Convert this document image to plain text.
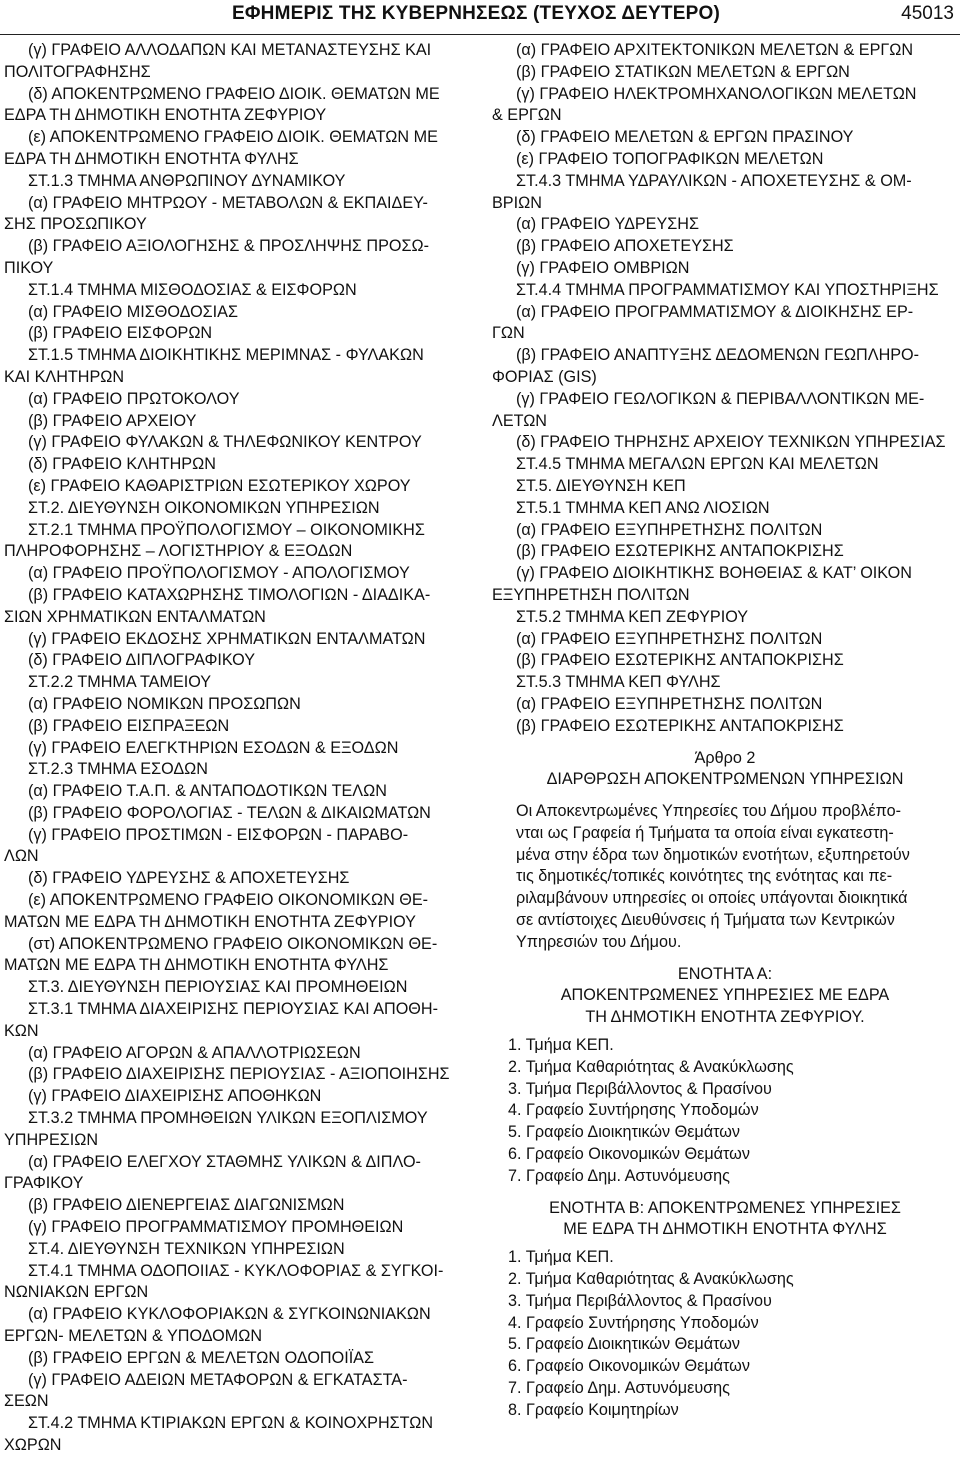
ΕΦΗΜΕΡΙΣ ΤΗΣ ΚΥΒΕΡΝΗΣΕΩΣ (ΤΕΥΧΟΣ ΔΕΥΤΕΡΟ)	45013
(γ) ΓΡΑΦΕΙΟ ΑΛΛΟΔΑΠΩΝ ΚΑΙ ΜΕΤΑΝΑΣΤΕΥΣΗΣ ΚΑΙ
ΠΟΛΙΤΟΓΡΑΦΗΣΗΣ
(δ) ΑΠΟΚΕΝΤΡΩΜΕΝΟ ΓΡΑΦΕΙΟ ΔΙΟΙΚ. ΘΕΜΑΤΩΝ ΜΕ
ΕΔΡΑ ΤΗ ΔΗΜΟΤΙΚΗ ΕΝΟΤΗΤΑ ΖΕΦΥΡΙΟΥ
(ε) ΑΠΟΚΕΝΤΡΩΜΕΝΟ ΓΡΑΦΕΙΟ ΔΙΟΙΚ. ΘΕΜΑΤΩΝ ΜΕ
ΕΔΡΑ ΤΗ ΔΗΜΟΤΙΚΗ ΕΝΟΤΗΤΑ ΦΥΛΗΣ
ΣΤ.1.3 ΤΜΗΜΑ ΑΝΘΡΩΠΙΝΟΥ ΔΥΝΑΜΙΚΟΥ
(α) ΓΡΑΦΕΙΟ ΜΗΤΡΩΟΥ - ΜΕΤΑΒΟΛΩΝ & ΕΚΠΑΙΔΕΥ-
ΣΗΣ ΠΡΟΣΩΠΙΚΟΥ
(β) ΓΡΑΦΕΙΟ ΑΞΙΟΛΟΓΗΣΗΣ & ΠΡΟΣΛΗΨΗΣ ΠΡΟΣΩ-
ΠΙΚΟΥ
ΣΤ.1.4 ΤΜΗΜΑ ΜΙΣΘΟΔΟΣΙΑΣ & ΕΙΣΦΟΡΩΝ
(α) ΓΡΑΦΕΙΟ ΜΙΣΘΟΔΟΣΙΑΣ
(β) ΓΡΑΦΕΙΟ ΕΙΣΦΟΡΩΝ
ΣΤ.1.5 ΤΜΗΜΑ ΔΙΟΙΚΗΤΙΚΗΣ ΜΕΡΙΜΝΑΣ - ΦΥΛΑΚΩΝ
ΚΑΙ ΚΛΗΤΗΡΩΝ
(α) ΓΡΑΦΕΙΟ ΠΡΩΤΟΚΟΛΟΥ
(β) ΓΡΑΦΕΙΟ ΑΡΧΕΙΟΥ
(γ) ΓΡΑΦΕΙΟ ΦΥΛΑΚΩΝ & ΤΗΛΕΦΩΝΙΚΟΥ ΚΕΝΤΡΟΥ
(δ) ΓΡΑΦΕΙΟ ΚΛΗΤΗΡΩΝ
(ε) ΓΡΑΦΕΙΟ ΚΑΘΑΡΙΣΤΡΙΩΝ ΕΣΩΤΕΡΙΚΟΥ ΧΩΡΟΥ
ΣΤ.2. ΔΙΕΥΘΥΝΣΗ ΟΙΚΟΝΟΜΙΚΩΝ ΥΠΗΡΕΣΙΩΝ
ΣΤ.2.1 ΤΜΗΜΑ ΠΡΟΫΠΟΛΟΓΙΣΜΟΥ – ΟΙΚΟΝΟΜΙΚΗΣ
ΠΛΗΡΟΦΟΡΗΣΗΣ – ΛΟΓΙΣΤΗΡΙΟΥ & ΕΞΟΔΩΝ
(α) ΓΡΑΦΕΙΟ ΠΡΟΫΠΟΛΟΓΙΣΜΟΥ - ΑΠΟΛΟΓΙΣΜΟΥ
(β) ΓΡΑΦΕΙΟ ΚΑΤΑΧΩΡΗΣΗΣ ΤΙΜΟΛΟΓΙΩΝ - ΔΙΑΔΙΚΑ-
ΣΙΩΝ ΧΡΗΜΑΤΙΚΩΝ ΕΝΤΑΛΜΑΤΩΝ
(γ) ΓΡΑΦΕΙΟ ΕΚΔΟΣΗΣ ΧΡΗΜΑΤΙΚΩΝ ΕΝΤΑΛΜΑΤΩΝ
(δ) ΓΡΑΦΕΙΟ ΔΙΠΛΟΓΡΑΦΙΚΟΥ
ΣΤ.2.2 ΤΜΗΜΑ ΤΑΜΕΙΟΥ
(α) ΓΡΑΦΕΙΟ ΝΟΜΙΚΩΝ ΠΡΟΣΩΠΩΝ
(β) ΓΡΑΦΕΙΟ ΕΙΣΠΡΑΞΕΩΝ
(γ) ΓΡΑΦΕΙΟ ΕΛΕΓΚΤΗΡΙΩΝ ΕΣΟΔΩΝ & ΕΞΟΔΩΝ
ΣΤ.2.3 ΤΜΗΜΑ ΕΣΟΔΩΝ
(α) ΓΡΑΦΕΙΟ Τ.Α.Π. & ΑΝΤΑΠΟΔΟΤΙΚΩΝ ΤΕΛΩΝ
(β) ΓΡΑΦΕΙΟ ΦΟΡΟΛΟΓΙΑΣ - ΤΕΛΩΝ & ΔΙΚΑΙΩΜΑΤΩΝ
(γ) ΓΡΑΦΕΙΟ ΠΡΟΣΤΙΜΩΝ - ΕΙΣΦΟΡΩΝ - ΠΑΡΑΒΟ-
ΛΩΝ
(δ) ΓΡΑΦΕΙΟ ΥΔΡΕΥΣΗΣ & ΑΠΟΧΕΤΕΥΣΗΣ
(ε) ΑΠΟΚΕΝΤΡΩΜΕΝΟ ΓΡΑΦΕΙΟ ΟΙΚΟΝΟΜΙΚΩΝ ΘΕ-
ΜΑΤΩΝ ΜΕ ΕΔΡΑ ΤΗ ΔΗΜΟΤΙΚΗ ΕΝΟΤΗΤΑ ΖΕΦΥΡΙΟΥ
(στ) ΑΠΟΚΕΝΤΡΩΜΕΝΟ ΓΡΑΦΕΙΟ ΟΙΚΟΝΟΜΙΚΩΝ ΘΕ-
ΜΑΤΩΝ ΜΕ ΕΔΡΑ ΤΗ ΔΗΜΟΤΙΚΗ ΕΝΟΤΗΤΑ ΦΥΛΗΣ
ΣΤ.3. ΔΙΕΥΘΥΝΣΗ ΠΕΡΙΟΥΣΙΑΣ ΚΑΙ ΠΡΟΜΗΘΕΙΩΝ
ΣΤ.3.1 ΤΜΗΜΑ ΔΙΑΧΕΙΡΙΣΗΣ ΠΕΡΙΟΥΣΙΑΣ ΚΑΙ ΑΠΟΘΗ-
ΚΩΝ
(α) ΓΡΑΦΕΙΟ ΑΓΟΡΩΝ & ΑΠΑΛΛΟΤΡΙΩΣΕΩΝ
(β) ΓΡΑΦΕΙΟ ΔΙΑΧΕΙΡΙΣΗΣ ΠΕΡΙΟΥΣΙΑΣ - ΑΞΙΟΠΟΙΗΣΗΣ
(γ) ΓΡΑΦΕΙΟ ΔΙΑΧΕΙΡΙΣΗΣ ΑΠΟΘΗΚΩΝ
ΣΤ.3.2 ΤΜΗΜΑ ΠΡΟΜΗΘΕΙΩΝ ΥΛΙΚΩΝ ΕΞΟΠΛΙΣΜΟΥ
ΥΠΗΡΕΣΙΩΝ
(α) ΓΡΑΦΕΙΟ ΕΛΕΓΧΟΥ ΣΤΑΘΜΗΣ ΥΛΙΚΩΝ & ΔΙΠΛΟ-
ΓΡΑΦΙΚΟΥ
(β) ΓΡΑΦΕΙΟ ΔΙΕΝΕΡΓΕΙΑΣ ΔΙΑΓΩΝΙΣΜΩΝ
(γ) ΓΡΑΦΕΙΟ ΠΡΟΓΡΑΜΜΑΤΙΣΜΟΥ ΠΡΟΜΗΘΕΙΩΝ
ΣΤ.4. ΔΙΕΥΘΥΝΣΗ ΤΕΧΝΙΚΩΝ ΥΠΗΡΕΣΙΩΝ
ΣΤ.4.1 ΤΜΗΜΑ ΟΔΟΠΟΙΙΑΣ - ΚΥΚΛΟΦΟΡΙΑΣ & ΣΥΓΚΟΙ-
ΝΩΝΙΑΚΩΝ ΕΡΓΩΝ
(α) ΓΡΑΦΕΙΟ ΚΥΚΛΟΦΟΡΙΑΚΩΝ & ΣΥΓΚΟΙΝΩΝΙΑΚΩΝ
ΕΡΓΩΝ- ΜΕΛΕΤΩΝ & ΥΠΟΔΟΜΩΝ
(β) ΓΡΑΦΕΙΟ ΕΡΓΩΝ & ΜΕΛΕΤΩΝ ΟΔΟΠΟΙΪΑΣ
(γ) ΓΡΑΦΕΙΟ ΑΔΕΙΩΝ ΜΕΤΑΦΟΡΩΝ & ΕΓΚΑΤΑΣΤΑ-
ΣΕΩΝ
ΣΤ.4.2 ΤΜΗΜΑ ΚΤΙΡΙΑΚΩΝ ΕΡΓΩΝ & ΚΟΙΝΟΧΡΗΣΤΩΝ
ΧΩΡΩΝ
(α) ΓΡΑΦΕΙΟ ΑΡΧΙΤΕΚΤΟΝΙΚΩΝ ΜΕΛΕΤΩΝ & ΕΡΓΩΝ
(β) ΓΡΑΦΕΙΟ ΣΤΑΤΙΚΩΝ ΜΕΛΕΤΩΝ & ΕΡΓΩΝ
(γ) ΓΡΑΦΕΙΟ ΗΛΕΚΤΡΟΜΗΧΑΝΟΛΟΓΙΚΩΝ ΜΕΛΕΤΩΝ
& ΕΡΓΩΝ
(δ) ΓΡΑΦΕΙΟ ΜΕΛΕΤΩΝ & ΕΡΓΩΝ ΠΡΑΣΙΝΟΥ
(ε) ΓΡΑΦΕΙΟ ΤΟΠΟΓΡΑΦΙΚΩΝ ΜΕΛΕΤΩΝ
ΣΤ.4.3 ΤΜΗΜΑ ΥΔΡΑΥΛΙΚΩΝ - ΑΠΟΧΕΤΕΥΣΗΣ & ΟΜ-
ΒΡΙΩΝ
(α) ΓΡΑΦΕΙΟ ΥΔΡΕΥΣΗΣ
(β) ΓΡΑΦΕΙΟ ΑΠΟΧΕΤΕΥΣΗΣ
(γ) ΓΡΑΦΕΙΟ ΟΜΒΡΙΩΝ
ΣΤ.4.4 ΤΜΗΜΑ ΠΡΟΓΡΑΜΜΑΤΙΣΜΟΥ ΚΑΙ ΥΠΟΣΤΗΡΙΞΗΣ
(α) ΓΡΑΦΕΙΟ ΠΡΟΓΡΑΜΜΑΤΙΣΜΟΥ & ΔΙΟΙΚΗΣΗΣ ΕΡ-
ΓΩΝ
(β) ΓΡΑΦΕΙΟ ΑΝΑΠΤΥΞΗΣ ΔΕΔΟΜΕΝΩΝ ΓΕΩΠΛΗΡΟ-
ΦΟΡΙΑΣ (GIS)
(γ) ΓΡΑΦΕΙΟ ΓΕΩΛΟΓΙΚΩΝ & ΠΕΡΙΒΑΛΛΟΝΤΙΚΩΝ ΜΕ-
ΛΕΤΩΝ
(δ) ΓΡΑΦΕΙΟ ΤΗΡΗΣΗΣ ΑΡΧΕΙΟΥ ΤΕΧΝΙΚΩΝ ΥΠΗΡΕΣΙΑΣ
ΣΤ.4.5 ΤΜΗΜΑ ΜΕΓΑΛΩΝ ΕΡΓΩΝ ΚΑΙ ΜΕΛΕΤΩΝ
ΣΤ.5. ΔΙΕΥΘΥΝΣΗ ΚΕΠ
ΣΤ.5.1 ΤΜΗΜΑ ΚΕΠ ΑΝΩ ΛΙΟΣΙΩΝ
(α) ΓΡΑΦΕΙΟ ΕΞΥΠΗΡΕΤΗΣΗΣ ΠΟΛΙΤΩΝ
(β) ΓΡΑΦΕΙΟ ΕΣΩΤΕΡΙΚΗΣ ΑΝΤΑΠΟΚΡΙΣΗΣ
(γ) ΓΡΑΦΕΙΟ ΔΙΟΙΚΗΤΙΚΗΣ ΒΟΗΘΕΙΑΣ & ΚΑΤ’ ΟΙΚΟΝ
ΕΞΥΠΗΡΕΤΗΣΗ ΠΟΛΙΤΩΝ
ΣΤ.5.2 ΤΜΗΜΑ ΚΕΠ ΖΕΦΥΡΙΟΥ
(α) ΓΡΑΦΕΙΟ ΕΞΥΠΗΡΕΤΗΣΗΣ ΠΟΛΙΤΩΝ
(β) ΓΡΑΦΕΙΟ ΕΣΩΤΕΡΙΚΗΣ ΑΝΤΑΠΟΚΡΙΣΗΣ
ΣΤ.5.3 ΤΜΗΜΑ ΚΕΠ ΦΥΛΗΣ
(α) ΓΡΑΦΕΙΟ ΕΞΥΠΗΡΕΤΗΣΗΣ ΠΟΛΙΤΩΝ
(β) ΓΡΑΦΕΙΟ ΕΣΩΤΕΡΙΚΗΣ ΑΝΤΑΠΟΚΡΙΣΗΣ
Άρθρο 2
ΔΙΑΡΘΡΩΣΗ ΑΠΟΚΕΝΤΡΩΜΕΝΩΝ ΥΠΗΡΕΣΙΩΝ
Οι Αποκεντρωμένες Υπηρεσίες του Δήμου προβλέπο-
νται ως Γραφεία ή Τμήματα τα οποία είναι εγκατεστη-
μένα στην έδρα των δημοτικών ενοτήτων, εξυπηρετούν
τις δημοτικές/τοπικές κοινότητες της ενότητας και πε-
ριλαμβάνουν υπηρεσίες οι οποίες υπάγονται διοικητικά
σε αντίστοιχες Διευθύνσεις ή Τμήματα των Κεντρικών
Υπηρεσιών του Δήμου.
ΕΝΟΤΗΤΑ Α:
ΑΠΟΚΕΝΤΡΩΜΕΝΕΣ ΥΠΗΡΕΣΙΕΣ ΜΕ ΕΔΡΑ
ΤΗ ΔΗΜΟΤΙΚΗ ΕΝΟΤΗΤΑ ΖΕΦΥΡΙΟΥ.
1. Τμήμα ΚΕΠ.
2. Τμήμα Καθαριότητας & Ανακύκλωσης
3. Τμήμα Περιβάλλοντος & Πρασίνου
4. Γραφείο Συντήρησης Υποδομών
5. Γραφείο Διοικητικών Θεμάτων
6. Γραφείο Οικονομικών Θεμάτων
7. Γραφείο Δημ. Αστυνόμευσης
ΕΝΟΤΗΤΑ Β: ΑΠΟΚΕΝΤΡΩΜΕΝΕΣ ΥΠΗΡΕΣΙΕΣ
ΜΕ ΕΔΡΑ ΤΗ ΔΗΜΟΤΙΚΗ ΕΝΟΤΗΤΑ ΦΥΛΗΣ
1. Τμήμα ΚΕΠ.
2. Τμήμα Καθαριότητας & Ανακύκλωσης
3. Τμήμα Περιβάλλοντος & Πρασίνου
4. Γραφείο Συντήρησης Υποδομών
5. Γραφείο Διοικητικών Θεμάτων
6. Γραφείο Οικονομικών Θεμάτων
7. Γραφείο Δημ. Αστυνόμευσης
8. Γραφείο Κοιμητηρίων
